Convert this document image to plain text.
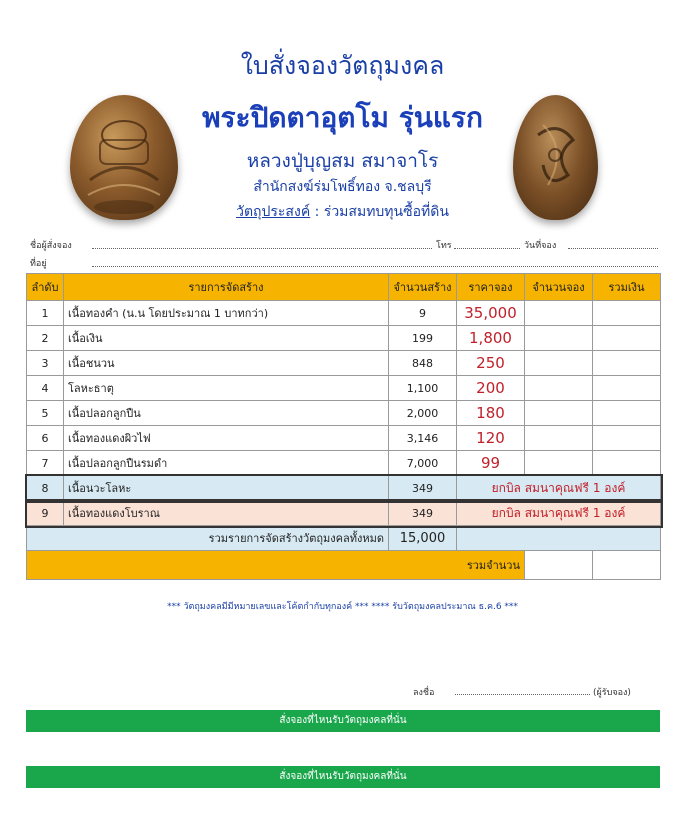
ใบสั่งจองวัตถุมงคล
พระปิดตาอุตโม รุ่นแรก
หลวงปู่บุญสม สมาจาโร
สำนักสงฆ์ร่มโพธิ์ทอง จ.ชลบุรี
วัตถุประสงค์ : ร่วมสมทบทุนซื้อที่ดิน
ชื่อผู้สั่งจอง	โทร	วันที่จอง
ที่อยู่
ลำดับ	รายการจัดสร้าง	จำนวนสร้าง	ราคาจอง	จำนวนจอง	รวมเงิน
1	เนื้อทองคำ (น.น โดยประมาณ 1 บาทกว่า)	9	35,000		
2	เนื้อเงิน	199	1,800		
3	เนื้อชนวน	848	250		
4	โลหะธาตุ	1,100	200		
5	เนื้อปลอกลูกปืน	2,000	180		
6	เนื้อทองแดงผิวไฟ	3,146	120		
7	เนื้อปลอกลูกปืนรมดำ	7,000	99		
8	เนื้อนวะโลหะ	349	ยกบิล สมนาคุณฟรี 1 องค์		
9	เนื้อทองแดงโบราณ	349	ยกบิล สมนาคุณฟรี 1 องค์		
รวมรายการจัดสร้างวัตถุมงคลทั้งหมด		15,000			
รวมจำนวน					
*** วัตถุมงคลมีมีหมายเลขและโค้ตกำกับทุกองค์ *** **** รับวัตถุมงคลประมาณ ธ.ค.6 ***
ลงชื่อ	(ผู้รับจอง)
สั่งจองที่ไหนรับวัตถุมงคลที่นั่น
สั่งจองที่ไหนรับวัตถุมงคลที่นั่น
